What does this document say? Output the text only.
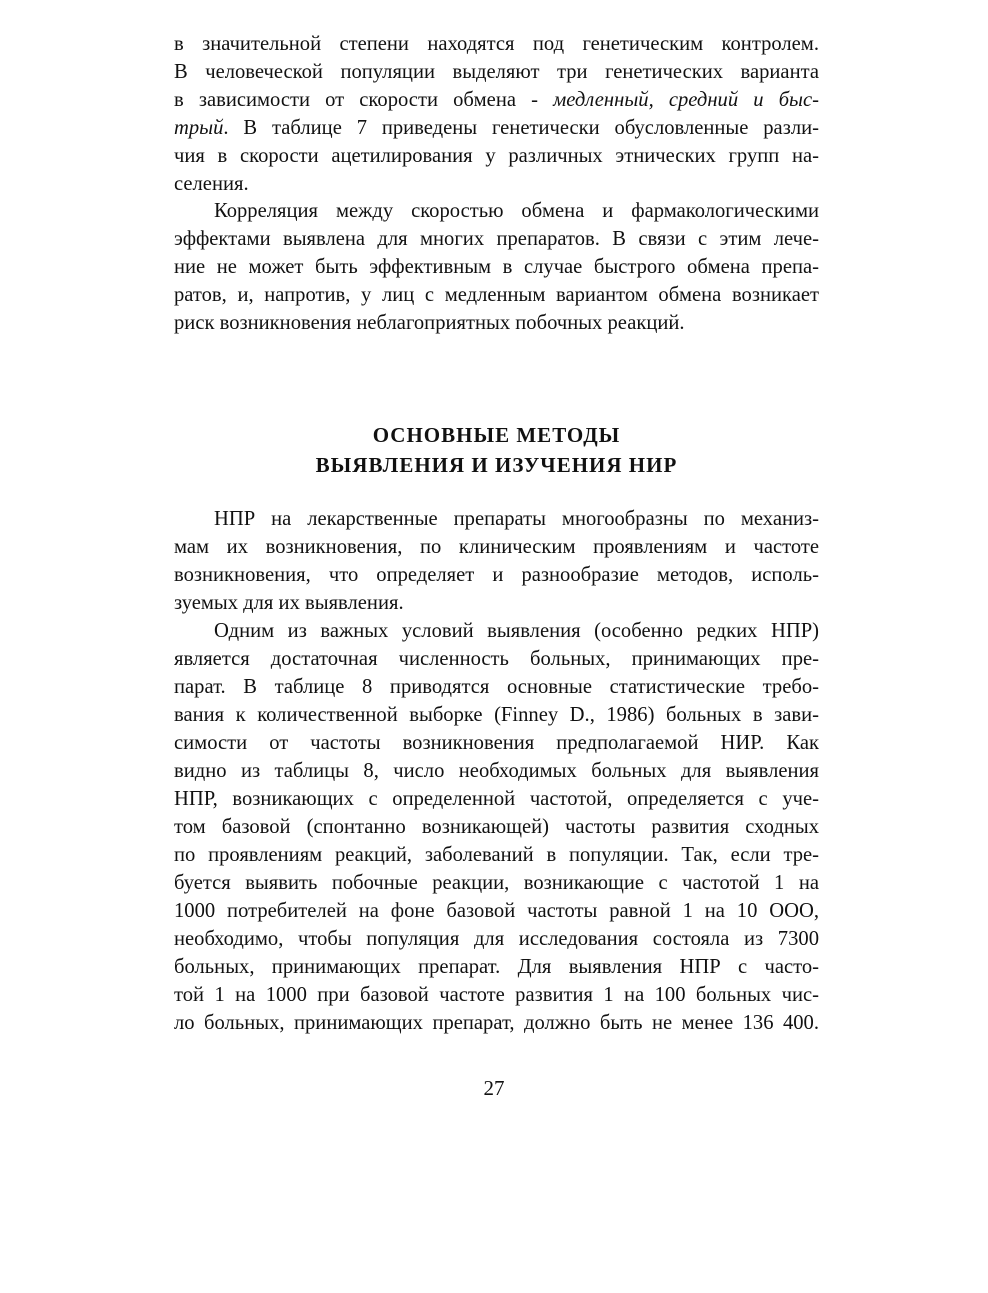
в значительной степени находятся под генетическим контролем.
В человеческой популяции выделяют три генетических варианта
в зависимости от скорости обмена - медленный, средний и быс-
трый. В таблице 7 приведены генетически обусловленные разли-
чия в скорости ацетилирования у различных этнических групп на-
селения.
Корреляция между скоростью обмена и фармакологическими
эффектами выявлена для многих препаратов. В связи с этим лече-
ние не может быть эффективным в случае быстрого обмена препа-
ратов, и, напротив, у лиц с медленным вариантом обмена возникает
риск возникновения неблагоприятных побочных реакций.
ОСНОВНЫЕ МЕТОДЫ
ВЫЯВЛЕНИЯ И ИЗУЧЕНИЯ НИР
НПР на лекарственные препараты многообразны по механиз-
мам их возникновения, по клиническим проявлениям и частоте
возникновения, что определяет и разнообразие методов, исполь-
зуемых для их выявления.
Одним из важных условий выявления (особенно редких НПР)
является достаточная численность больных, принимающих пре-
парат. В таблице 8 приводятся основные статистические требо-
вания к количественной выборке (Finney D., 1986) больных в зави-
симости от частоты возникновения предполагаемой НИР. Как
видно из таблицы 8, число необходимых больных для выявления
НПР, возникающих с определенной частотой, определяется с уче-
том базовой (спонтанно возникающей) частоты развития сходных
по проявлениям реакций, заболеваний в популяции. Так, если тре-
буется выявить побочные реакции, возникающие с частотой 1 на
1000 потребителей на фоне базовой частоты равной 1 на 10 ООО,
необходимо, чтобы популяция для исследования состояла из 7300
больных, принимающих препарат. Для выявления НПР с часто-
той 1 на 1000 при базовой частоте развития 1 на 100 больных чис-
ло больных, принимающих препарат, должно быть не менее 136 400.
27
